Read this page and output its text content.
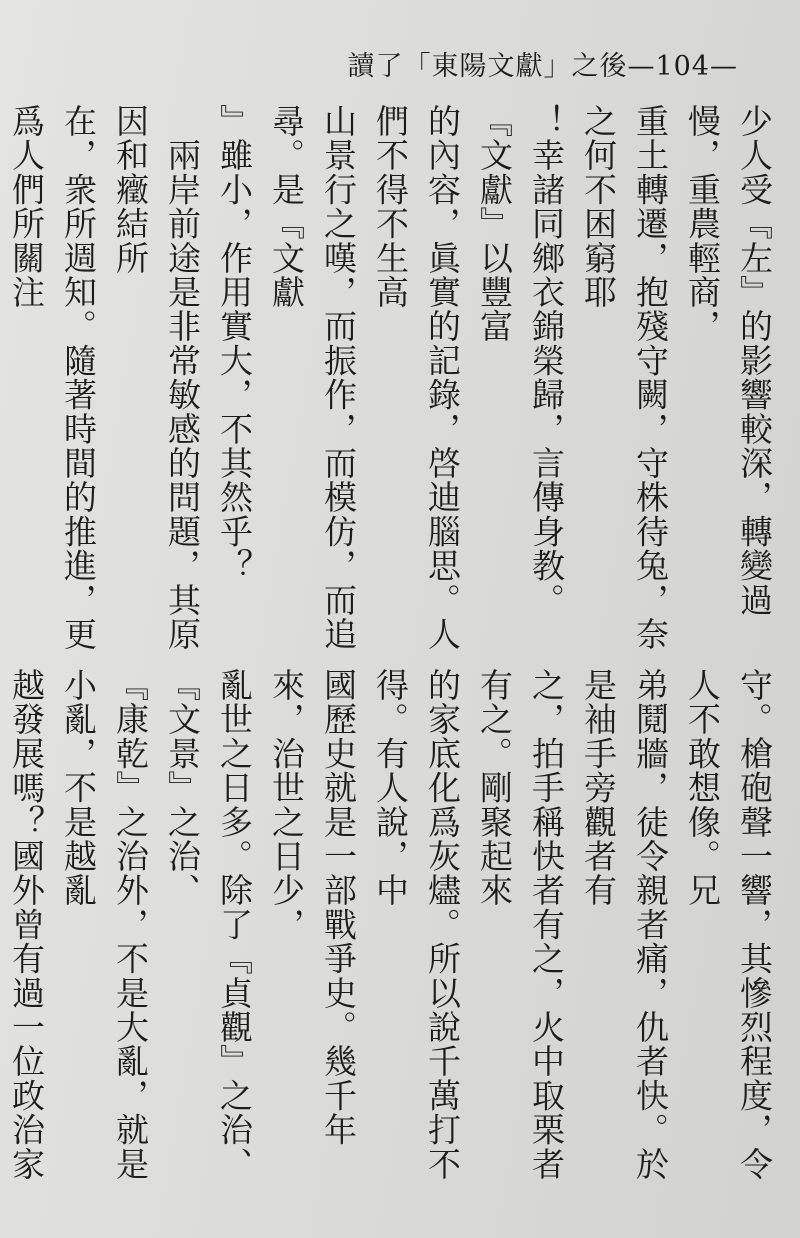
讀了「東陽文獻」之後—104—

少人受『左』的影響較深，轉變過慢，重農輕商，

重土轉遷，抱殘守闕，守株待兔，奈之何不困窮耶

！幸諸同鄉衣錦榮歸，言傳身教。『文獻』以豐富

的內容，眞實的記錄，啓迪腦思。人們不得不生高

山景行之嘆，而振作，而模仿，而追尋。是『文獻

』雖小，作用實大，不其然乎？

　兩岸前途是非常敏感的問題，其原因和癥結所

在，衆所週知。隨著時間的推進，更爲人們所關注

守。槍砲聲一響，其慘烈程度，令人不敢想像。兄

弟鬩牆，徒令親者痛，仇者快。於是袖手旁觀者有

之，拍手稱快者有之，火中取栗者有之。剛聚起來

的家底化爲灰燼。所以說千萬打不得。有人說，中

國歷史就是一部戰爭史。幾千年來，治世之日少，

亂世之日多。除了『貞觀』之治、『文景』之治、

『康乾』之治外，不是大亂，就是小亂，不是越亂

越發展嗎？國外曾有過一位政治家
